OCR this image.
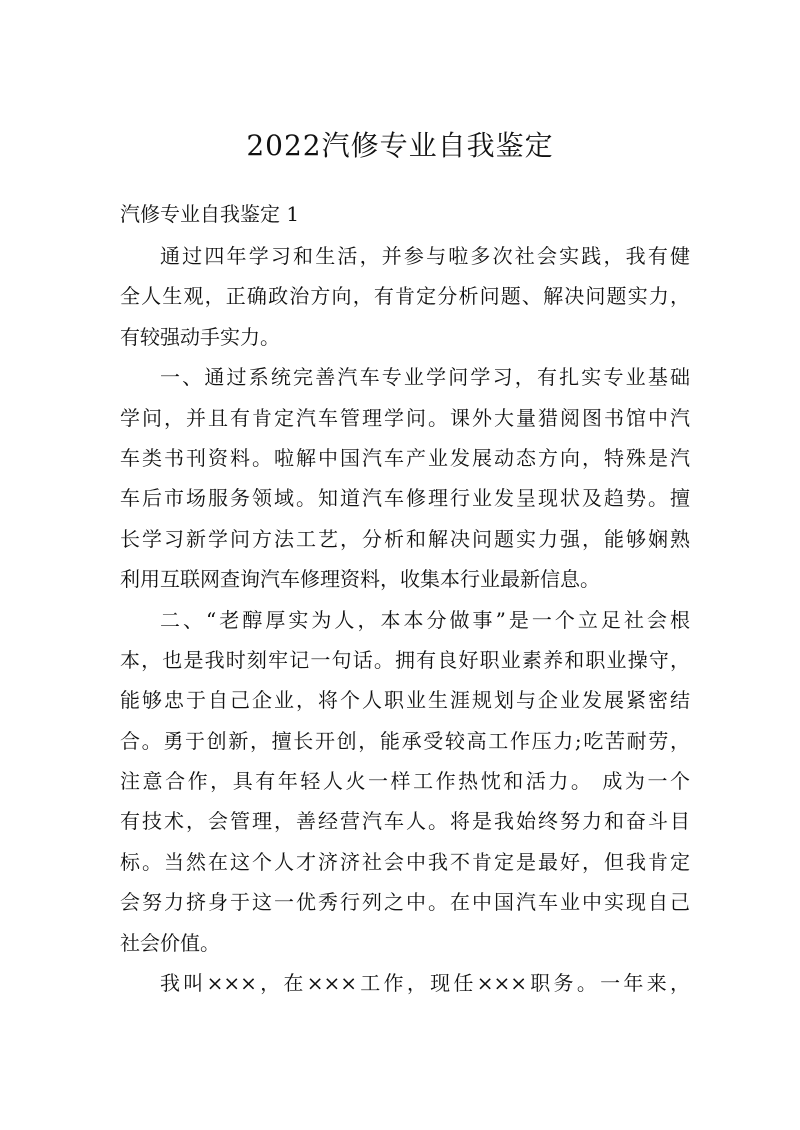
2022汽修专业自我鉴定
汽修专业自我鉴定 1
通过四年学习和生活，并参与啦多次社会实践，我有健
全人生观，正确政治方向，有肯定分析问题、解决问题实力，
有较强动手实力。
一、通过系统完善汽车专业学问学习，有扎实专业基础
学问，并且有肯定汽车管理学问。课外大量猎阅图书馆中汽
车类书刊资料。啦解中国汽车产业发展动态方向，特殊是汽
车后市场服务领域。知道汽车修理行业发呈现状及趋势。擅
长学习新学问方法工艺，分析和解决问题实力强，能够娴熟
利用互联网查询汽车修理资料，收集本行业最新信息。
二、“老醇厚实为人，本本分做事”是一个立足社会根
本，也是我时刻牢记一句话。拥有良好职业素养和职业操守，
能够忠于自己企业，将个人职业生涯规划与企业发展紧密结
合。勇于创新，擅长开创，能承受较高工作压力;吃苦耐劳，
注意合作，具有年轻人火一样工作热忱和活力。 成为一个
有技术，会管理，善经营汽车人。将是我始终努力和奋斗目
标。当然在这个人才济济社会中我不肯定是最好，但我肯定
会努力挤身于这一优秀行列之中。在中国汽车业中实现自己
社会价值。
我叫×××，在×××工作，现任×××职务。一年来，
